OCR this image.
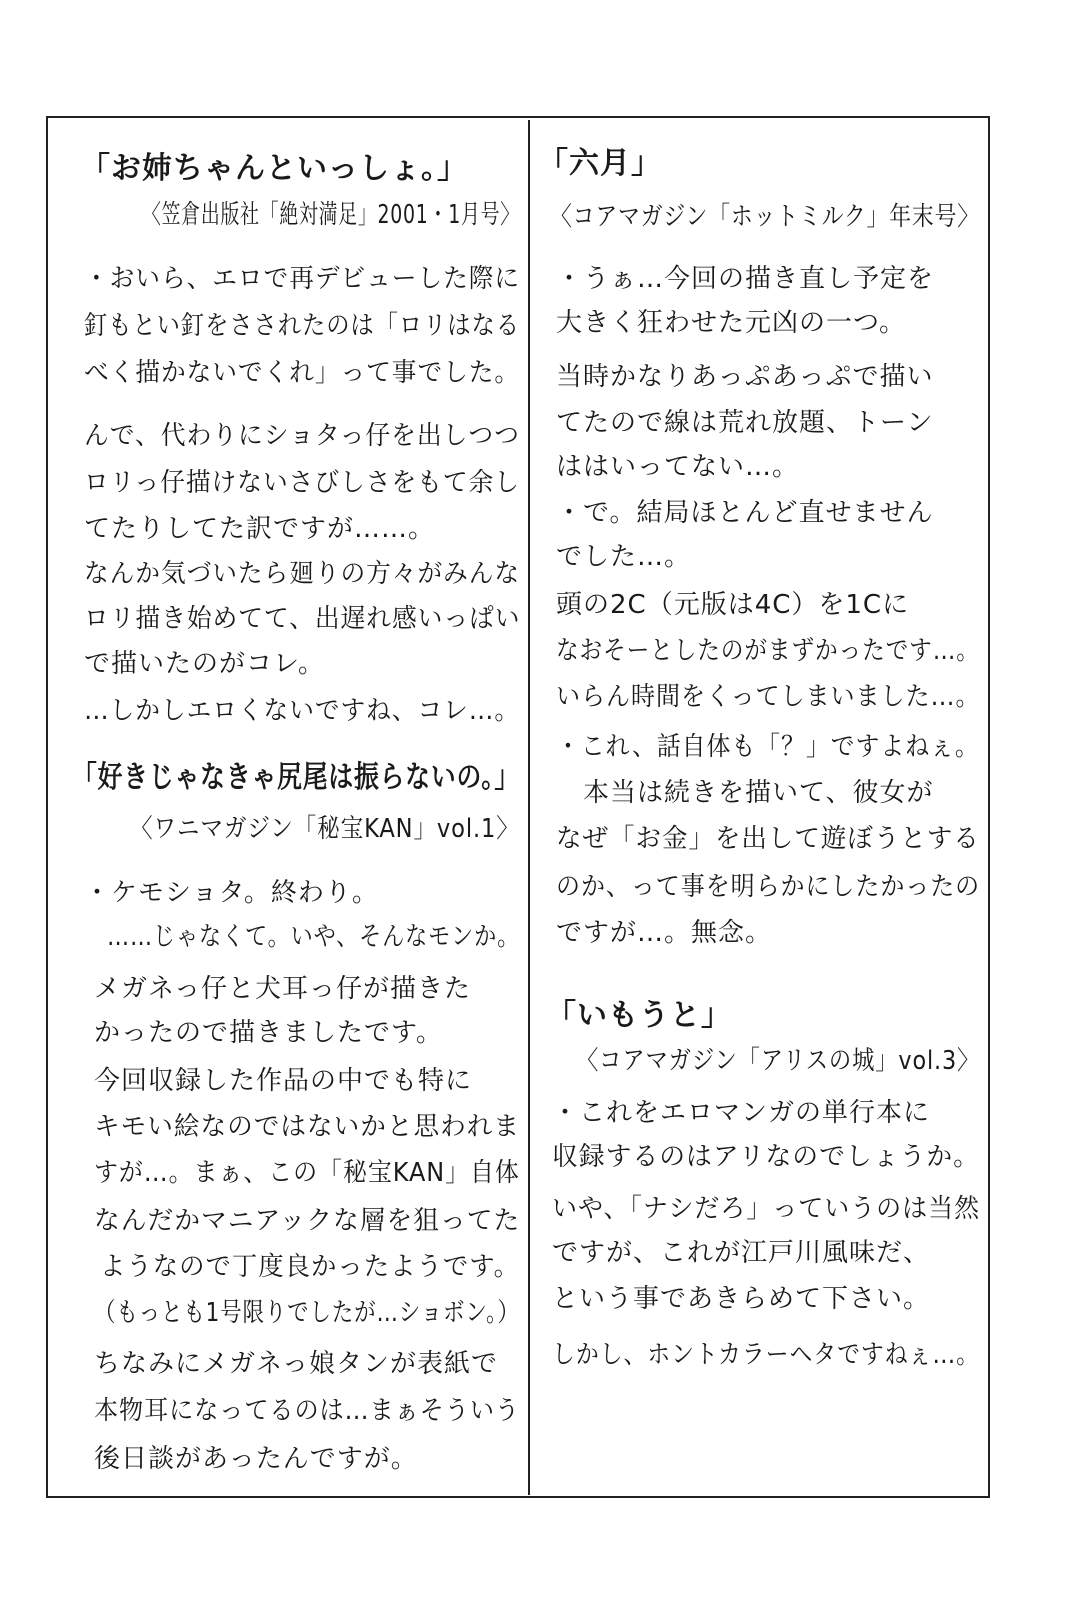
「お姉ちゃんといっしょ。」
〈笠倉出版社「絶対満足」2001・1月号〉
・おいら、エロで再デビューした際に
釘もとい釘をさされたのは「ロリはなる
べく描かないでくれ」って事でした。
んで、代わりにショタっ仔を出しつつ
ロリっ仔描けないさびしさをもて余し
てたりしてた訳ですが……。
なんか気づいたら廻りの方々がみんな
ロリ描き始めてて、出遅れ感いっぱい
で描いたのがコレ。
…しかしエロくないですね、コレ…。
「好きじゃなきゃ尻尾は振らないの。」
〈ワニマガジン「秘宝KAN」vol.1〉
・ケモショタ。終わり。
　……じゃなくて。いや、そんなモンか。
メガネっ仔と犬耳っ仔が描きた
かったので描きましたです。
今回収録した作品の中でも特に
キモい絵なのではないかと思われま
すが…。まぁ、この「秘宝KAN」自体
なんだかマニアックな層を狙ってた
ようなので丁度良かったようです。
（もっとも1号限りでしたが…ショボン。）
ちなみにメガネっ娘タンが表紙で
本物耳になってるのは…まぁそういう
後日談があったんですが。
「六月」
〈コアマガジン「ホットミルク」年末号〉
・うぁ…今回の描き直し予定を
大きく狂わせた元凶の一つ。
当時かなりあっぷあっぷで描い
てたので線は荒れ放題、トーン
ははいってない…。
・で。結局ほとんど直せません
でした…。
頭の2C（元版は4C）を1Cに
なおそーとしたのがまずかったです…。
いらん時間をくってしまいました…。
・これ、話自体も「？」ですよねぇ。
　本当は続きを描いて、彼女が
なぜ「お金」を出して遊ぼうとする
のか、って事を明らかにしたかったの
ですが…。無念。
「いもうと」
〈コアマガジン「アリスの城」vol.3〉
・これをエロマンガの単行本に
収録するのはアリなのでしょうか。
いや、「ナシだろ」っていうのは当然
ですが、これが江戸川風味だ、
という事であきらめて下さい。
しかし、ホントカラーヘタですねぇ…。
